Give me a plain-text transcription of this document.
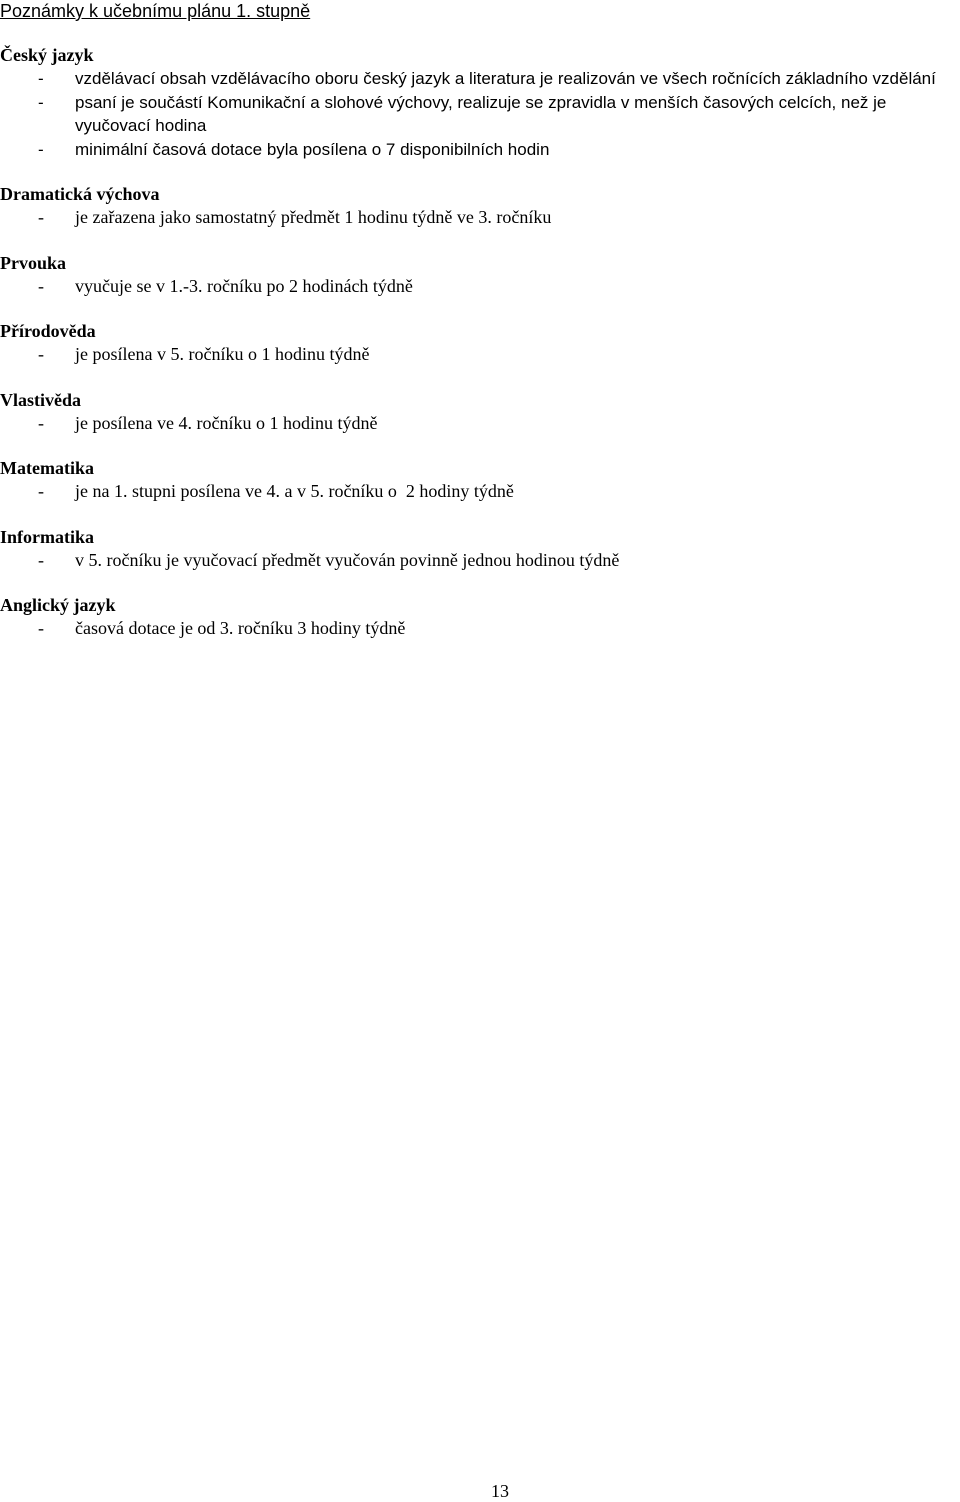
Poznámky k učebnímu plánu 1. stupně
Český jazyk
- vzdělávací obsah vzdělávacího oboru český jazyk a literatura je realizován ve všech ročnících základního vzdělání
- psaní je součástí Komunikační a slohové výchovy, realizuje se zpravidla v menších časových celcích, než je vyučovací hodina
- minimální časová dotace byla posílena o 7 disponibilních hodin
Dramatická výchova
- je zařazena jako samostatný předmět 1 hodinu týdně ve 3. ročníku
Prvouka
- vyučuje se v 1.-3. ročníku po 2 hodinách týdně
Přírodověda
- je posílena v 5. ročníku o 1 hodinu týdně
Vlastivěda
- je posílena ve 4. ročníku o 1 hodinu týdně
Matematika
- je na 1. stupni posílena ve 4. a v 5. ročníku o  2 hodiny týdně
Informatika
- v 5. ročníku je vyučovací předmět vyučován povinně jednou hodinou týdně
Anglický jazyk
- časová dotace je od 3. ročníku 3 hodiny týdně
13
